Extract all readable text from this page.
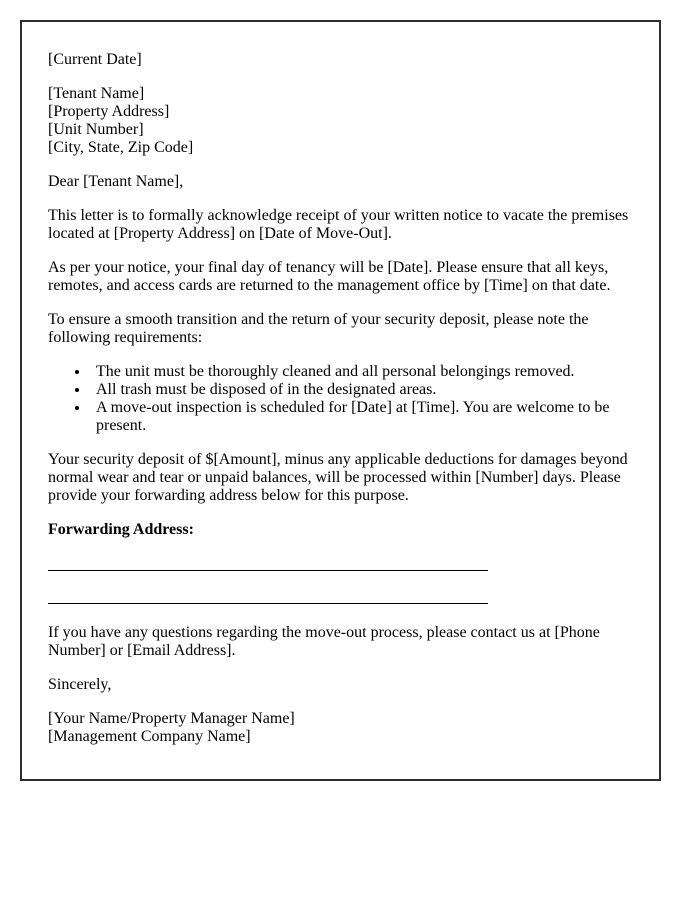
[Current Date]

[Tenant Name]
[Property Address]
[Unit Number]
[City, State, Zip Code]

Dear [Tenant Name],

This letter is to formally acknowledge receipt of your written notice to vacate the premises located at [Property Address] on [Date of Move-Out].

As per your notice, your final day of tenancy will be [Date]. Please ensure that all keys, remotes, and access cards are returned to the management office by [Time] on that date.

To ensure a smooth transition and the return of your security deposit, please note the following requirements:

• The unit must be thoroughly cleaned and all personal belongings removed.
• All trash must be disposed of in the designated areas.
• A move-out inspection is scheduled for [Date] at [Time]. You are welcome to be present.

Your security deposit of $[Amount], minus any applicable deductions for damages beyond normal wear and tear or unpaid balances, will be processed within [Number] days. Please provide your forwarding address below for this purpose.

Forwarding Address:

If you have any questions regarding the move-out process, please contact us at [Phone Number] or [Email Address].

Sincerely,

[Your Name/Property Manager Name]
[Management Company Name]
